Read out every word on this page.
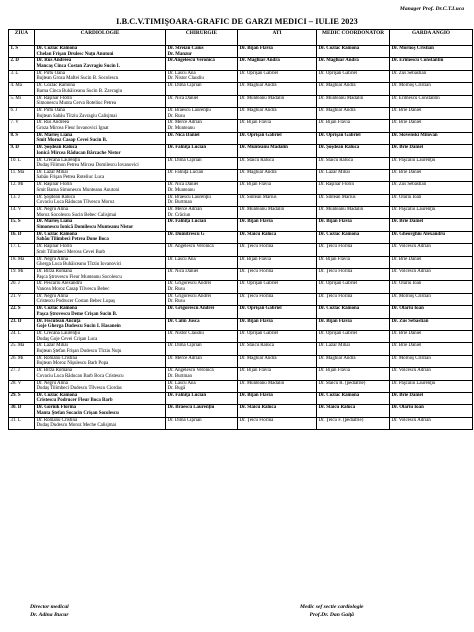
Manager Prof. Dr.C.T.Luca
I.B.C.V.TIMIŞOARA-GRAFIC DE GARZI MEDICI – IULIE 2023
ZIUA	CARDIOLOGIE	CHIRURGIE	ATI	MEDIC COORDONATOR	GARDA ANGIO

1. S	Dr. Cozlac Ramona
Chelan Frişan Drulesc Nuţu Anutoni	Dr. Streian Caius
Dr. Manzur	Dr. Bijan Flavia	Dr. Cozlac Ramona	Dr. Mornoş Cristian

2. D	Dr. Rus Andreea
Mancaş Cinca Costan Zavragiu Sucin I.	Dr.Angelescu Veronica	Dr. Maghiar Andra	Dr. Maghiar Andra	Dr. Erimescu Constantin

3. L	Dr. Pîrtu Oana
Bujtean Groza Maftei Sucin B. Socolescu	Dr. Lascu Ana
Dr. Nistor Claudiu	Dr. Oprişan Gabriel	Dr. Oprişan Gabriel	Dr. Zus Sebastian

4. Ma	Dr. Cozlac Ramona
Barna Cinca Buhăiceanu Sucin B. Zavragiu	Dr. Dima Ciprian	Dr. Maghiar Andra	Dr. Maghiar Andra	Dr. Mornoş Cristian

5. Mi	Dr. Răşinar Florin
Simonescu Munta Cerva Roteliuc Petrea	Dr. Nica Daniel	Dr. Munteanu Mădălin	Dr. Munteanu Mădălin	Dr. Erimescu Constantin

6. J	Dr. Pîrtu Oana
Bujtean Sabău Tîrziu Zavragiu Calisjmai	Dr. Brăescu Laurenţiu
Dr. Rusu	Dr. Maghiar Andra	Dr. Maghiar Andra	Dr. Brie Daniel

7. V	Dr. Rus Andreea
Groza Mircea Fleur Iovanovici Ignat	Dr. Merce Adrian
Dr. Munteanu	Dr. Bijan Flavia	Dr. Bijan Flavia	Dr. Brie Daniel

8. S	Dr. Mărieş Liana
Smit Moroz Casap Cevei Sucin B.	Dr. Nica Daniel	Dr. Oprişan Gabriel	Dr. Oprişan Gabriel	Dr. Slovenski Milovan

9. D	Dr. Şoşdean Raluca
Ionică Mircea Răducan Bărzache Nistor	Dr. Falniţă Lucian	Dr. Munteanu Mădălin	Dr. Şoşdean Raluca	Dr. Brie Daniel

10. L	Dr. Crecană Laurenţiu
Dudaş Filimon Petrea Mircea Domilescu Iovanovici	Dr. Dima Ciprian	Dr. Staicu Raluca	Dr. Staicu Raluca	Dr. Paşcaliu Laurenţiu

11. Ma	Dr. Lazăr Mihai
Sabău Frişan Petrea Roteliuc Luca	Dr. Falniţă Lucian	Dr. Maghiar Andra	Dr. Lazăr Mihai	Dr. Brie Daniel

12. Mi	Dr. Răşinar Florin
Smit Barna Simonescu Munteanu Anutoni	Dr. Nica Daniel
Dr. Munteanu	Dr. Bijan Flavia	Dr. Răşinar Florin	Dr. Zus Sebastian

13. J	Dr. Şoşdean Raluca
Covaciu Luca Răducan Tîlvescu Moroz	Dr. Brăescu Laurenţiu
Dr. Burtman	Dr. Sintean Marius	Dr. Sintean Marius	Dr. Olariu Ioan

14. V	Dr. Negru Alina
Moroz Socolescu Sucin Bebec Calisjmai	Dr. Merce Adrian
Dr. Crăciun	Dr. Munteanu Mădălin	Dr. Munteanu Mădălin	Dr. Paşcaliu Laurenţiu

15. S	Dr. Mărieş Liana
Simonescu Ionică Domilescu Munteanu Nistor	Dr. Falniţă Lucian	Dr. Bijan Flavia	Dr. Bijan Flavia	Dr. Brie Daniel

16. D	Dr. Cozlac Ramona
Sabău Tilimbeci Petrea Done Boca	Dr. Dumitrescu G	Dr. Staicu Raluca	Dr. Cozlac Ramona	Dr. Gheorghiu Alexandru

17. L	Dr. Răşinar Florin
Smit Tilimbeci Mercea Cevei Barb	Dr. Angelescu Veronica	Dr. Ţeicu Florina	Dr. Ţeicu Florina	Dr. Volcescu Adrian

18. Ma	Dr. Negru Alina
Gherga Luca Buhăiceanu Tîrziu Iovanovici	Dr. Lascu Ana	Dr. Bijan Flavia	Dr. Bijan Flavia	Dr. Brie Daniel

19. Mi	Dr. Bîrză Romana
Paşca Ştrovescu Fleur Munteanu Socolescu	Dr. Nica Daniel	Dr. Ţeicu Florina	Dr. Ţeicu Florina	Dr. Volcescu Adrian

20. J	Dr. Pescariu Alexandru
Vancea Moroz Casap Tîlvescu Bebec	Dr. Grigorescu Andrei
Dr. Rusu	Dr. Oprişan Gabriel	Dr. Oprişan Gabriel	Dr. Olariu Ioan

21. V	Dr. Negru Alina
Cristescu Podrucer Costan Bebec Lupaş	Dr. Grigorescu Andrei
Dr. Rusu	Dr. Ţeicu Florina	Dr. Ţeicu Florina	Dr. Mornoş Cristian

22. S	Dr. Cozlac Ramona
Paşca Ştrovescu Deme Crişan Sucin B.	Dr. Grigorescu Andrei	Dr. Oprişan Gabriel	Dr. Cozlac Ramona	Dr. Olariu Ioan

23. D	Dr. Fiscutean Ancuţa
Goje Gherga Dudescu Sucin I. Hasanein	Dr. Călin Jusca	Dr. Bijan Flavia	Dr. Bijan Flavia	Dr. Zus Sebastian

24. L	Dr. Crecană Laurenţiu
Dudaş Goje Cevei Crişan Luca	Dr. Nistor Claudiu	Dr. Oprişan Gabriel	Dr. Oprişan Gabriel	Dr. Brie Daniel

25. Ma	Dr. Lazăr Mihai
Bujtean Ştefan Frişan Dudescu Tîrziu Nuţu	Dr. Dima Ciprian	Dr. Staicu Raluca	Dr. Lazăr Mihai	Dr. Brie Daniel

26. Mi	Dr. Romanu Cristina
Bujtean Moroz Nişulescu Barb Popa	Dr. Merce Adrian	Dr. Maghiar Andra	Dr. Maghiar Andra	Dr. Mornoş Cristian

27. J	Dr. Bîrză Romana
Covaciu Luca Răducan Barb Boca Cristescu	Dr. Angelescu Veronica
Dr. Burtman	Dr. Bijan Flavia	Dr. Bijan Flavia	Dr. Volcescu Adrian

28. V	Dr. Negru Alina
Dudaş Tilimbeci Dudescu Tîlvescu Ciordas	Dr. Lascu Ana
Dr. Bugă	Dr. Munteanu Mădălin	Dr. Staicu R. (pediatrie)	Dr. Paşcaliu Laurenţiu

29. S	Dr. Cozlac Ramona
Cristescu Podrucer Fleur Boca Barb	Dr. Falniţă Lucian	Dr. Bijan Flavia	Dr. Cozlac Ramona	Dr. Brie Daniel

30. D	Dr. Gornik Florina
Manta Ştefan Socacin Crişan Socolescu	Dr. Brăescu Laurenţiu	Dr. Staicu Raluca	Dr. Staicu Raluca	Dr. Olariu Ioan

31. L	Dr. Romanu Cristina
Dudaş Dudescu Moroz Meche Calisjmai	Dr. Dima Ciprian	Dr. Ţeicu Florina	Dr. Ţeicu F. (pediatrie)	Dr. Volcescu Adrian
Director medical
Dr. Adina Bucur
Medic sef sectie cardiologie
Prof.Dr. Dan Gaiţă
